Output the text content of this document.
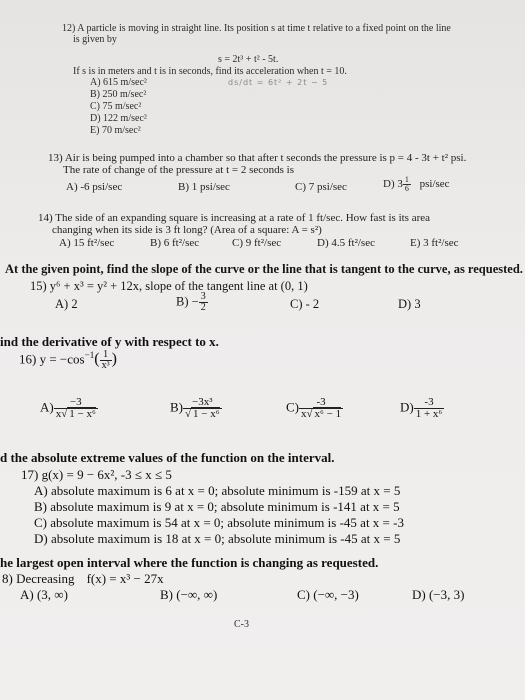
12) A particle is moving in straight line. Its position s at time t relative to a fixed point on the line
is given by
s = 2t³ + t² - 5t.
If s is in meters and t is in seconds, find its acceleration when t = 10.
ds/dt = 6t² + 2t − 5
A) 615 m/sec²
B) 250 m/sec²
C) 75 m/sec²
D) 122 m/sec²
E) 70 m/sec²
13) Air is being pumped into a chamber so that after t seconds the pressure is p = 4 - 3t + t² psi.
The rate of change of the pressure at t = 2 seconds is
A) -6 psi/sec	B) 1 psi/sec	C) 7 psi/sec	D) $3 \frac{1}{6} psi/\sec$
14) The side of an expanding square is increasing at a rate of 1 ft/sec. How fast is its area
changing when its side is 3 ft long? (Area of a square: A = s²)
A) 15 ft²/sec	B) 6 ft²/sec	C) 9 ft²/sec	D) 4.5 ft²/sec	E) 3 ft²/sec
At the given point, find the slope of the curve or the line that is tangent to the curve, as requested.
15) y⁶ + x³ = y² + 12x, slope of the tangent line at (0, 1)
A) 2	$B) - \frac{3}{2}$	C) - 2	D) 3
ind the derivative of y with respect to x.
16) $y = -\cos^{-1}( \frac{1}{\text{x³}}$ )
$A) \frac{-3}{\text{x√ 1 − x⁶}}$	$B) \frac{\text{−3x³}}{\text{√ 1 − x⁶}}$	$C) \frac{-3}{\text{x√ x⁶ − 1}}$	$D) \frac{-3}{\text{1 + x⁶}}$
d the absolute extreme values of the function on the interval.
17) g(x) = 9 − 6x², -3 ≤ x ≤ 5
A) absolute maximum is 6 at x = 0; absolute minimum is -159 at x = 5
B) absolute maximum is 9 at x = 0; absolute minimum is -141 at x = 5
C) absolute maximum is 54 at x = 0; absolute minimum is -45 at x = -3
D) absolute maximum is 18 at x = 0; absolute minimum is -45 at x = 5
he largest open interval where the function is changing as requested.
8) Decreasing f(x) = x³ − 27x
A) (3, ∞)	B) (−∞, ∞)	C) (−∞, −3)	D) (−3, 3)
C-3
